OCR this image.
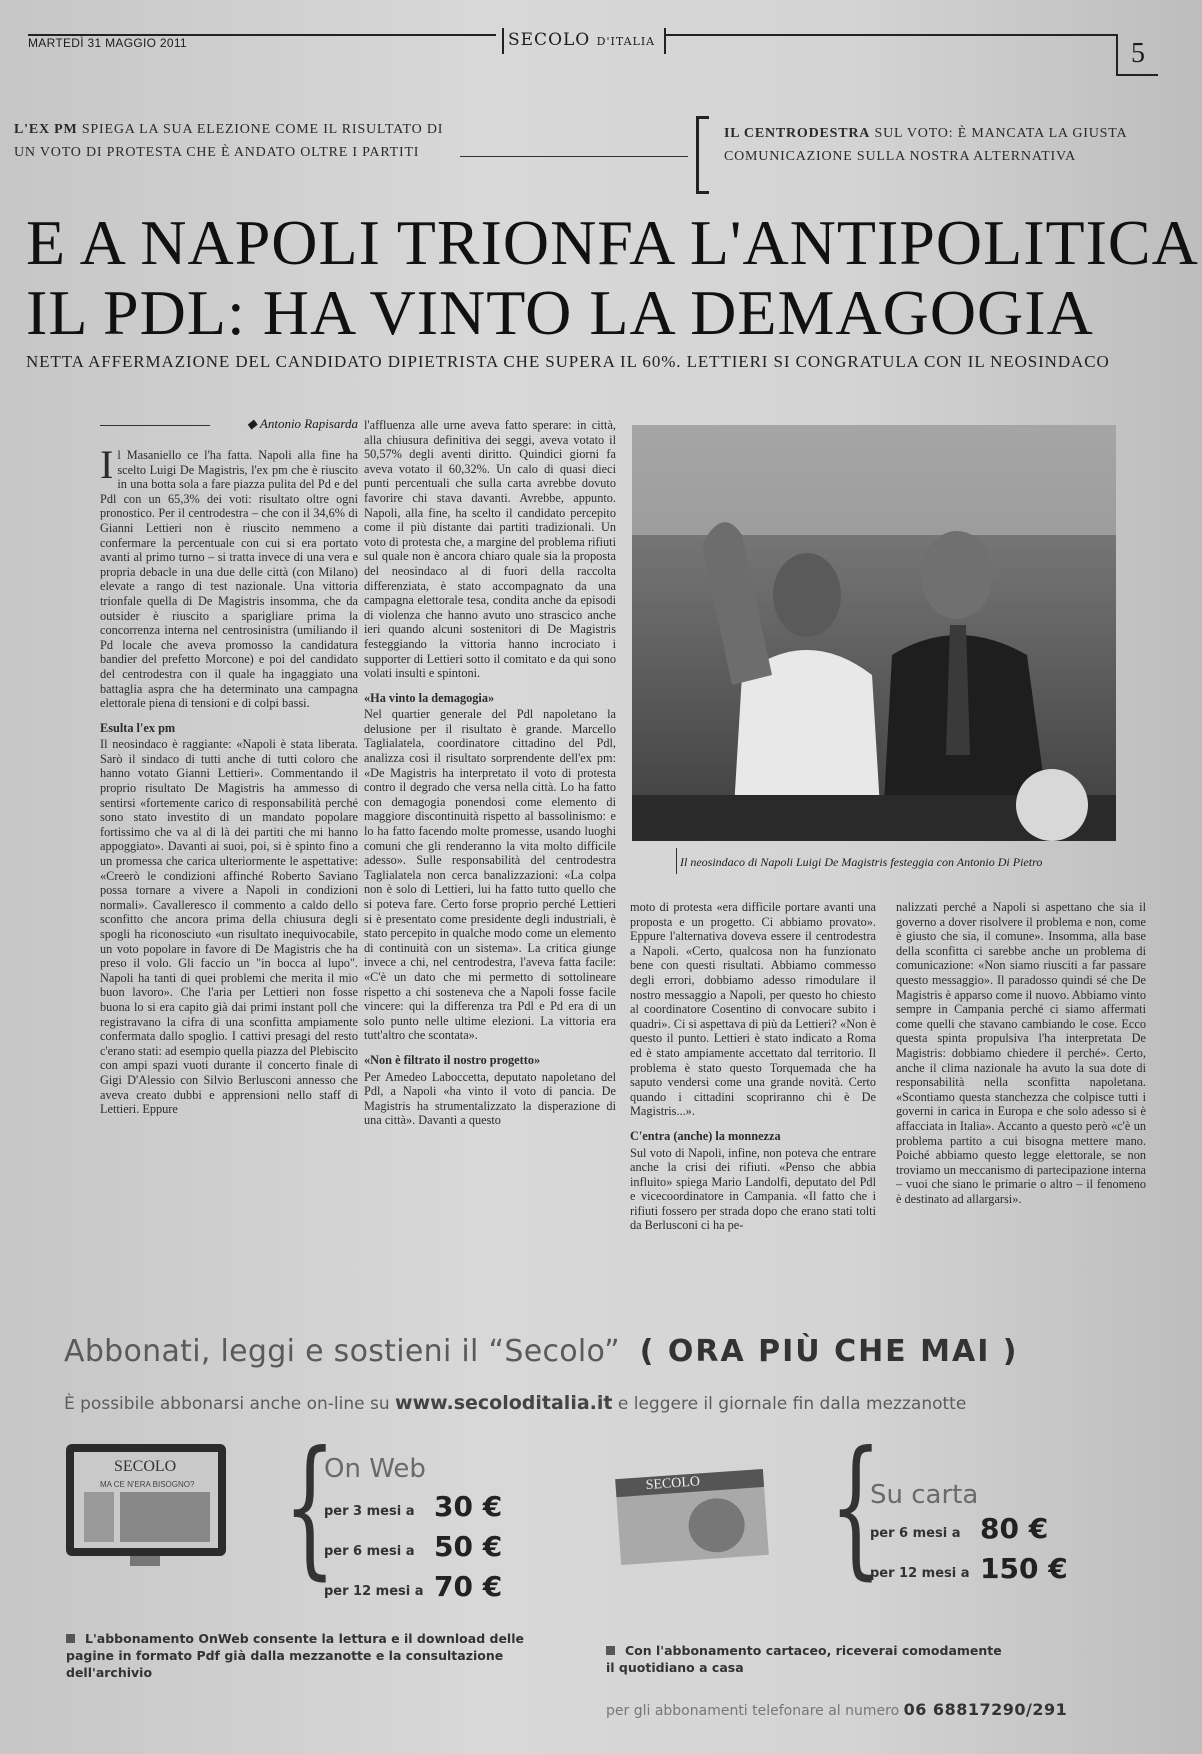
MARTEDÌ 31 MAGGIO 2011	SECOLO D'ITALIA	5
L'EX PM SPIEGA LA SUA ELEZIONE COME IL RISULTATO DI UN VOTO DI PROTESTA CHE È ANDATO OLTRE I PARTITI
IL CENTRODESTRA SUL VOTO: È MANCATA LA GIUSTA COMUNICAZIONE SULLA NOSTRA ALTERNATIVA
E A NAPOLI TRIONFA L'ANTIPOLITICA
IL PDL: HA VINTO LA DEMAGOGIA
NETTA AFFERMAZIONE DEL CANDIDATO DIPIETRISTA CHE SUPERA IL 60%. LETTIERI SI CONGRATULA CON IL NEOSINDACO
◆ Antonio Rapisarda

Il Masaniello ce l'ha fatta. Napoli alla fine ha scelto Luigi De Magistris, l'ex pm che è riuscito in una botta sola a fare piazza pulita del Pd e del Pdl con un 65,3% dei voti: risultato oltre ogni pronostico. Per il centrodestra – che con il 34,6% di Gianni Lettieri non è riuscito nemmeno a confermare la percentuale con cui si era portato avanti al primo turno – si tratta invece di una vera e propria debacle in una due delle città (con Milano) elevate a rango di test nazionale. Una vittoria trionfale quella di De Magistris insomma, che da outsider è riuscito a sparigliare prima la concorrenza interna nel centrosinistra (umiliando il Pd locale che aveva promosso la candidatura bandier del prefetto Morcone) e poi del candidato del centrodestra con il quale ha ingaggiato una battaglia aspra che ha determinato una campagna elettorale piena di tensioni e di colpi bassi.

Esulta l'ex pm

Il neosindaco è raggiante: «Napoli è stata liberata. Sarò il sindaco di tutti anche di tutti coloro che hanno votato Gianni Lettieri». Commentando il proprio risultato De Magistris ha ammesso di sentirsi «fortemente carico di responsabilità perché sono stato investito di un mandato popolare fortissimo che va al di là dei partiti che mi hanno appoggiato». Davanti ai suoi, poi, si è spinto fino a un promessa che carica ulteriormente le aspettative: «Creerò le condizioni affinché Roberto Saviano possa tornare a vivere a Napoli in condizioni normali». Cavalleresco il commento a caldo dello sconfitto che ancora prima della chiusura degli spogli ha riconosciuto «un risultato inequivocabile, un voto popolare in favore di De Magistris che ha preso il volo. Gli faccio un "in bocca al lupo". Napoli ha tanti di quei problemi che merita il mio buon lavoro». Che l'aria per Lettieri non fosse buona lo si era capito già dai primi instant poll che registravano la cifra di una sconfitta ampiamente confermata dallo spoglio. I cattivi presagi del resto c'erano stati: ad esempio quella piazza del Plebiscito con ampi spazi vuoti durante il concerto finale di Gigi D'Alessio con Silvio Berlusconi annesso che aveva creato dubbi e apprensioni nello staff di Lettieri. Eppure

l'affluenza alle urne aveva fatto sperare: in città, alla chiusura definitiva dei seggi, aveva votato il 50,57% degli aventi diritto. Quindici giorni fa aveva votato il 60,32%. Un calo di quasi dieci punti percentuali che sulla carta avrebbe dovuto favorire chi stava davanti. Avrebbe, appunto. Napoli, alla fine, ha scelto il candidato percepito come il più distante dai partiti tradizionali. Un voto di protesta che, a margine del problema rifiuti sul quale non è ancora chiaro quale sia la proposta del neosindaco al di fuori della raccolta differenziata, è stato accompagnato da una campagna elettorale tesa, condita anche da episodi di violenza che hanno avuto uno strascico anche ieri quando alcuni sostenitori di De Magistris festeggiando la vittoria hanno incrociato i supporter di Lettieri sotto il comitato e da qui sono volati insulti e spintoni.

«Ha vinto la demagogia»

Nel quartier generale del Pdl napoletano la delusione per il risultato è grande. Marcello Taglialatela, coordinatore cittadino del Pdl, analizza così il risultato sorprendente dell'ex pm: «De Magistris ha interpretato il voto di protesta contro il degrado che versa nella città. Lo ha fatto con demagogia ponendosi come elemento di maggiore discontinuità rispetto al bassolinismo: e lo ha fatto facendo molte promesse, usando luoghi comuni che gli renderanno la vita molto difficile adesso». Sulle responsabilità del centrodestra Taglialatela non cerca banalizzazioni: «La colpa non è solo di Lettieri, lui ha fatto tutto quello che si poteva fare. Certo forse proprio perché Lettieri si è presentato come presidente degli industriali, è stato percepito in qualche modo come un elemento di continuità con un sistema». La critica giunge invece a chi, nel centrodestra, l'aveva fatta facile: «C'è un dato che mi permetto di sottolineare rispetto a chi sosteneva che a Napoli fosse facile vincere: qui la differenza tra Pdl e Pd era di un solo punto nelle ultime elezioni. La vittoria era tutt'altro che scontata».

«Non è filtrato il nostro progetto»

Per Amedeo Laboccetta, deputato napoletano del Pdl, a Napoli «ha vinto il voto di pancia. De Magistris ha strumentalizzato la disperazione di una città». Davanti a questo

Il neosindaco di Napoli Luigi De Magistris festeggia con Antonio Di Pietro

moto di protesta «era difficile portare avanti una proposta e un progetto. Ci abbiamo provato». Eppure l'alternativa doveva essere il centrodestra a Napoli. «Certo, qualcosa non ha funzionato bene con questi risultati. Abbiamo commesso degli errori, dobbiamo adesso rimodulare il nostro messaggio a Napoli, per questo ho chiesto al coordinatore Cosentino di convocare subito i quadri». Ci si aspettava di più da Lettieri? «Non è questo il punto. Lettieri è stato indicato a Roma ed è stato ampiamente accettato dal territorio. Il problema è stato questo Torquemada che ha saputo vendersi come una grande novità. Certo quando i cittadini scopriranno chi è De Magistris...».

C'entra (anche) la monnezza

Sul voto di Napoli, infine, non poteva che entrare anche la crisi dei rifiuti. «Penso che abbia influito» spiega Mario Landolfi, deputato del Pdl e vicecoordinatore in Campania. «Il fatto che i rifiuti fossero per strada dopo che erano stati tolti da Berlusconi ci ha pe-

nalizzati perché a Napoli si aspettano che sia il governo a dover risolvere il problema e non, come è giusto che sia, il comune». Insomma, alla base della sconfitta ci sarebbe anche un problema di comunicazione: «Non siamo riusciti a far passare questo messaggio». Il paradosso quindi sé che De Magistris è apparso come il nuovo. Abbiamo vinto sempre in Campania perché ci siamo affermati come quelli che stavano cambiando le cose. Ecco questa spinta propulsiva l'ha interpretata De Magistris: dobbiamo chiedere il perché». Certo, anche il clima nazionale ha avuto la sua dote di responsabilità nella sconfitta napoletana. «Scontiamo questa stanchezza che colpisce tutti i governi in carica in Europa e che solo adesso si è affacciata in Italia». Accanto a questo però «c'è un problema partito a cui bisogna mettere mano. Poiché abbiamo questo legge elettorale, se non troviamo un meccanismo di partecipazione interna – vuoi che siano le primarie o altro – il fenomeno è destinato ad allargarsi».

Abbonati, leggi e sostieni il “Secolo” ( ORA PIÙ CHE MAI )
È possibile abbonarsi anche on-line su www.secoloditalia.it e leggere il giornale fin dalla mezzanotte
SECOLO
MA CE N'ERA BISOGNO? {
On Web
per 3 mesi a 30 €
per 6 mesi a 50 €
per 12 mesi a 70 €
SECOLO {
Su carta
per 6 mesi a 80 €
per 12 mesi a 150 €
L'abbonamento OnWeb consente la lettura e il download delle pagine in formato Pdf già dalla mezzanotte e la consultazione dell'archivio
Con l'abbonamento cartaceo, riceverai comodamente il quotidiano a casa
per gli abbonamenti telefonare al numero 06 68817290/291
